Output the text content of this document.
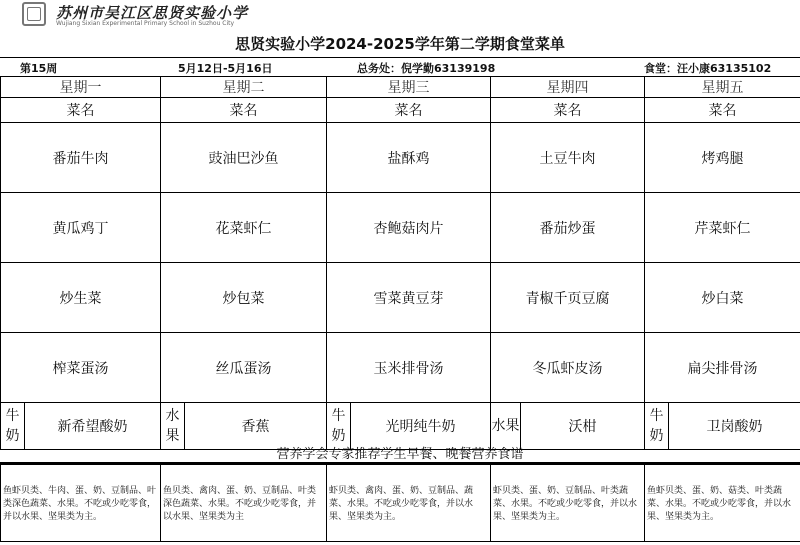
苏州市吴江区思贤实验小学
Wujiang Sixian Experimental Primary School in Suzhou City
思贤实验小学2024-2025学年第二学期食堂菜单
第15周	5月12日-5月16日	总务处：倪学勤63139198	食堂：汪小康63135102
星期一		星期二		星期三		星期四		星期五	
菜名		菜名		菜名		菜名		菜名	
番茄牛肉		豉油巴沙鱼		盐酥鸡		土豆牛肉		烤鸡腿	
黄瓜鸡丁		花菜虾仁		杏鲍菇肉片		番茄炒蛋		芹菜虾仁	
炒生菜		炒包菜		雪菜黄豆芽		青椒千页豆腐		炒白菜	
榨菜蛋汤		丝瓜蛋汤		玉米排骨汤		冬瓜虾皮汤		扁尖排骨汤	
牛奶	新希望酸奶	水果	香蕉	牛奶	光明纯牛奶	水果	沃柑	牛奶	卫岗酸奶
营养学会专家推荐学生早餐、晚餐营养食谱
鱼虾贝类、牛肉、蛋、奶、豆制品、叶类深色蔬菜、水果。不吃或少吃零食，并以水果、坚果类为主。	鱼贝类、禽肉、蛋、奶、豆制品、叶类深色蔬菜、水果。不吃或少吃零食，并以水果、坚果类为主	虾贝类、禽肉、蛋、奶、豆制品、蔬菜、水果。不吃或少吃零食，并以水果、坚果类为主。	虾贝类、蛋、奶、豆制品、叶类蔬菜、水果。不吃或少吃零食，并以水果、坚果类为主。	鱼虾贝类、蛋、奶、菇类、叶类蔬菜、水果。不吃或少吃零食，并以水果、坚果类为主。
